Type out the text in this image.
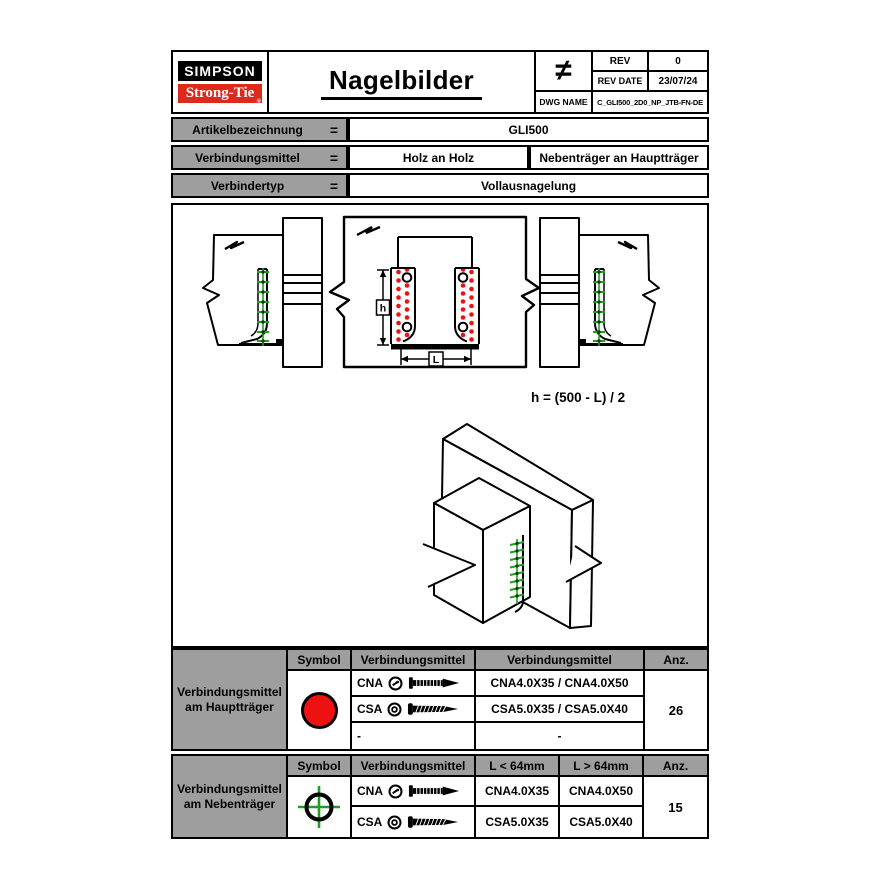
SIMPSON
Strong-Tie
®
Nagelbilder	≠	REV	0
REV DATE	23/07/24
DWG NAME	C_GLI500_2D0_NP_JTB-FN-DE
Artikelbezeichnung	=	GLI500
Verbindungsmittel	=	Holz an Holz	Nebenträger an Hauptträger
Verbindertyp	=	Vollausnagelung
h
L
h = (500 - L) / 2
Verbindungsmittel am Hauptträger
Symbol	Verbindungsmittel	Verbindungsmittel	Anz.
CNA	CNA4.0X35 / CNA4.0X50
26
CSA	CSA5.0X35 / CSA5.0X40
-	-
Verbindungsmittel am Nebenträger
Symbol	Verbindungsmittel	L < 64mm	L > 64mm	Anz.
CNA	CNA4.0X35	CNA4.0X50
15
CSA	CSA5.0X35	CSA5.0X40
